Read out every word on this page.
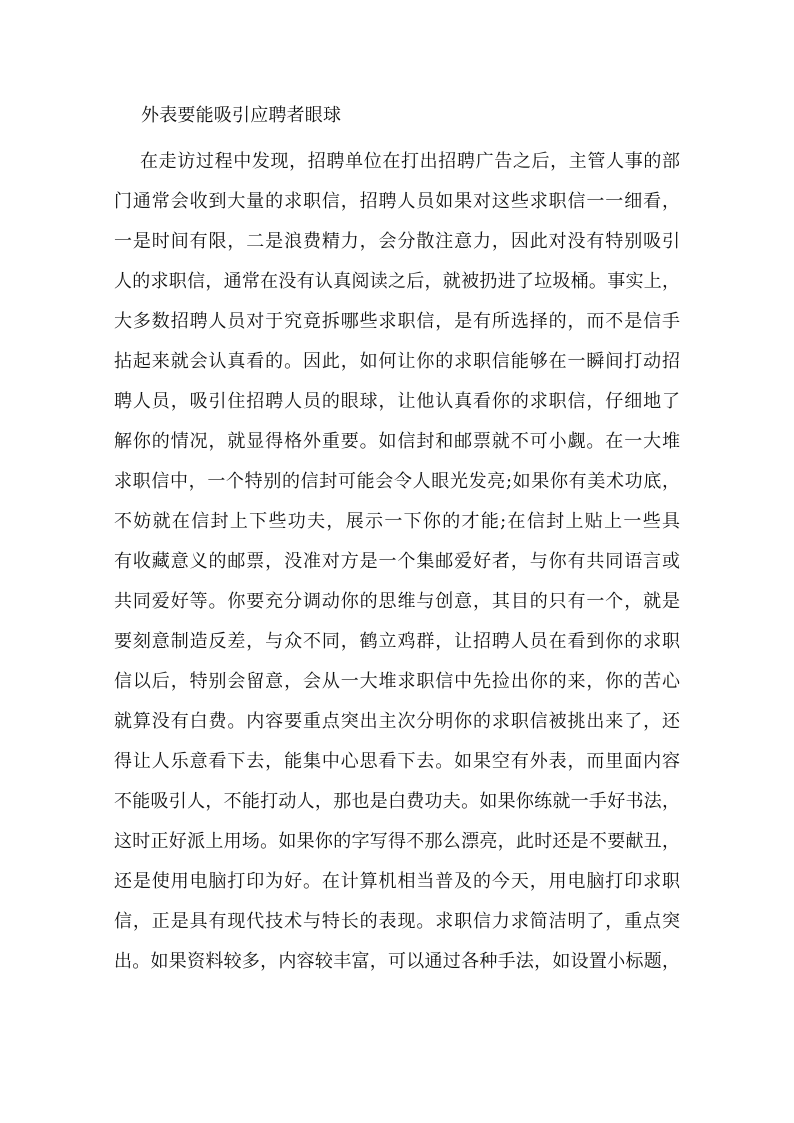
外表要能吸引应聘者眼球
在走访过程中发现，招聘单位在打出招聘广告之后，主管人事的部
门通常会收到大量的求职信，招聘人员如果对这些求职信一一细看，
一是时间有限，二是浪费精力，会分散注意力，因此对没有特别吸引
人的求职信，通常在没有认真阅读之后，就被扔进了垃圾桶。事实上，
大多数招聘人员对于究竟拆哪些求职信，是有所选择的，而不是信手
拈起来就会认真看的。因此，如何让你的求职信能够在一瞬间打动招
聘人员，吸引住招聘人员的眼球，让他认真看你的求职信，仔细地了
解你的情况，就显得格外重要。如信封和邮票就不可小觑。在一大堆
求职信中，一个特别的信封可能会令人眼光发亮;如果你有美术功底，
不妨就在信封上下些功夫，展示一下你的才能;在信封上贴上一些具
有收藏意义的邮票，没准对方是一个集邮爱好者，与你有共同语言或
共同爱好等。你要充分调动你的思维与创意，其目的只有一个，就是
要刻意制造反差，与众不同，鹤立鸡群，让招聘人员在看到你的求职
信以后，特别会留意，会从一大堆求职信中先捡出你的来，你的苦心
就算没有白费。内容要重点突出主次分明你的求职信被挑出来了，还
得让人乐意看下去，能集中心思看下去。如果空有外表，而里面内容
不能吸引人，不能打动人，那也是白费功夫。如果你练就一手好书法，
这时正好派上用场。如果你的字写得不那么漂亮，此时还是不要献丑，
还是使用电脑打印为好。在计算机相当普及的今天，用电脑打印求职
信，正是具有现代技术与特长的表现。求职信力求简洁明了，重点突
出。如果资料较多，内容较丰富，可以通过各种手法，如设置小标题，
